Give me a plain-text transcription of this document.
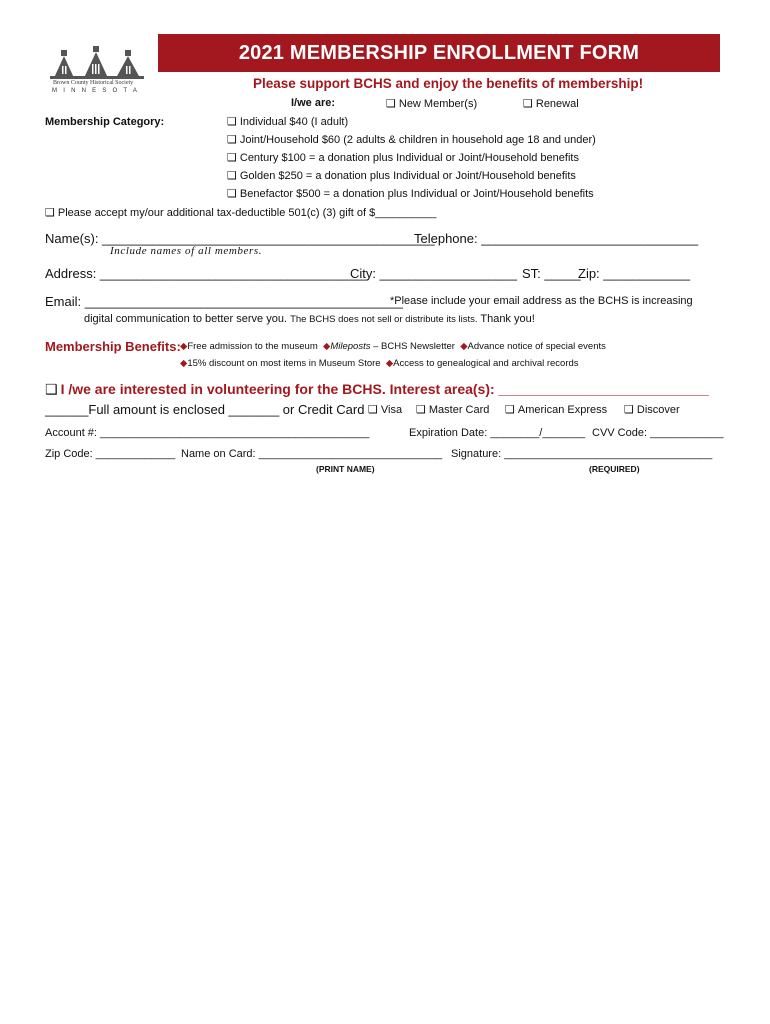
Brown County Historical Society
MINNESOTA
2021 MEMBERSHIP ENROLLMENT FORM
Please support BCHS and enjoy the benefits of membership!
I/we are:	❑ New Member(s)	❑ Renewal
Membership Category:	❑ Individual $40 (I adult)
❑ Joint/Household $60 (2 adults & children in household age 18 and under)
❑ Century $100 = a donation plus Individual or Joint/Household benefits
❑ Golden $250 = a donation plus Individual or Joint/Household benefits
❑ Benefactor $500 = a donation plus Individual or Joint/Household benefits
❑ Please accept my/our additional tax-deductible 501(c) (3) gift of $__________
Name(s): ______________________________________________
Telephone: ______________________________
Include names of all members.
Address: _____________________________________
City: ___________________ ST: _____
Zip: ____________
Email: ____________________________________________
*Please include your email address as the BCHS is increasing
digital communication to better serve you. The BCHS does not sell or distribute its lists. Thank you!
Membership Benefits: ◆Free admission to the museum ◆Mileposts – BCHS Newsletter ◆Advance notice of special events
◆15% discount on most items in Museum Store ◆Access to genealogical and archival records
❑ I /we are interested in volunteering for the BCHS. Interest area(s): ___________________________
______Full amount is enclosed _______ or Credit Card ❑ Visa ❑ Master Card ❑ American Express ❑ Discover
Account #: ____________________________________________	Expiration Date: ________/_______ CVV Code: ____________
Zip Code: _____________ Name on Card: ______________________________ Signature: __________________________________
(PRINT NAME)	(REQUIRED)
